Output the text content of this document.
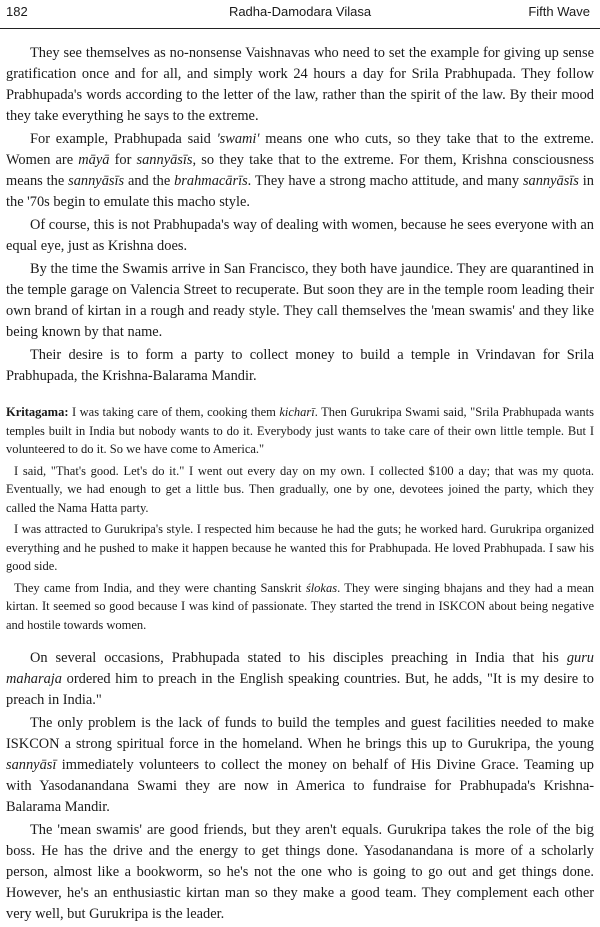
182	Radha-Damodara Vilasa	Fifth Wave

They see themselves as no-nonsense Vaishnavas who need to set the example for giving up sense gratification once and for all, and simply work 24 hours a day for Srila Prabhupada. They follow Prabhupada's words according to the letter of the law, rather than the spirit of the law. By their mood they take everything he says to the extreme.

For example, Prabhupada said 'swami' means one who cuts, so they take that to the extreme. Women are māyā for sannyāsīs, so they take that to the extreme. For them, Krishna consciousness means the sannyāsīs and the brahmacārīs. They have a strong macho attitude, and many sannyāsīs in the '70s begin to emulate this macho style.

Of course, this is not Prabhupada's way of dealing with women, because he sees everyone with an equal eye, just as Krishna does.

By the time the Swamis arrive in San Francisco, they both have jaundice. They are quarantined in the temple garage on Valencia Street to recuperate. But soon they are in the temple room leading their own brand of kirtan in a rough and ready style. They call themselves the 'mean swamis' and they like being known by that name.

Their desire is to form a party to collect money to build a temple in Vrindavan for Srila Prabhupada, the Krishna-Balarama Mandir.

Kritagama: I was taking care of them, cooking them kicharī. Then Gurukripa Swami said, "Srila Prabhupada wants temples built in India but nobody wants to do it. Everybody just wants to take care of their own little temple. But I volunteered to do it. So we have come to America."

I said, "That's good. Let's do it." I went out every day on my own. I collected $100 a day; that was my quota. Eventually, we had enough to get a little bus. Then gradually, one by one, devotees joined the party, which they called the Nama Hatta party.

I was attracted to Gurukripa's style. I respected him because he had the guts; he worked hard. Gurukripa organized everything and he pushed to make it happen because he wanted this for Prabhupada. He loved Prabhupada. I saw his good side.

They came from India, and they were chanting Sanskrit ślokas. They were singing bhajans and they had a mean kirtan. It seemed so good because I was kind of passionate. They started the trend in ISKCON about being negative and hostile towards women.

On several occasions, Prabhupada stated to his disciples preaching in India that his guru maharaja ordered him to preach in the English speaking countries. But, he adds, "It is my desire to preach in India."

The only problem is the lack of funds to build the temples and guest facilities needed to make ISKCON a strong spiritual force in the homeland. When he brings this up to Gurukripa, the young sannyāsī immediately volunteers to collect the money on behalf of His Divine Grace. Teaming up with Yasodanandana Swami they are now in America to fundraise for Prabhupada's Krishna-Balarama Mandir.

The 'mean swamis' are good friends, but they aren't equals. Gurukripa takes the role of the big boss. He has the drive and the energy to get things done. Yasodanandana is more of a scholarly person, almost like a bookworm, so he's not the one who is going to go out and get things done. However, he's an enthusiastic kirtan man so they make a good team. They complement each other very well, but Gurukripa is the leader.
